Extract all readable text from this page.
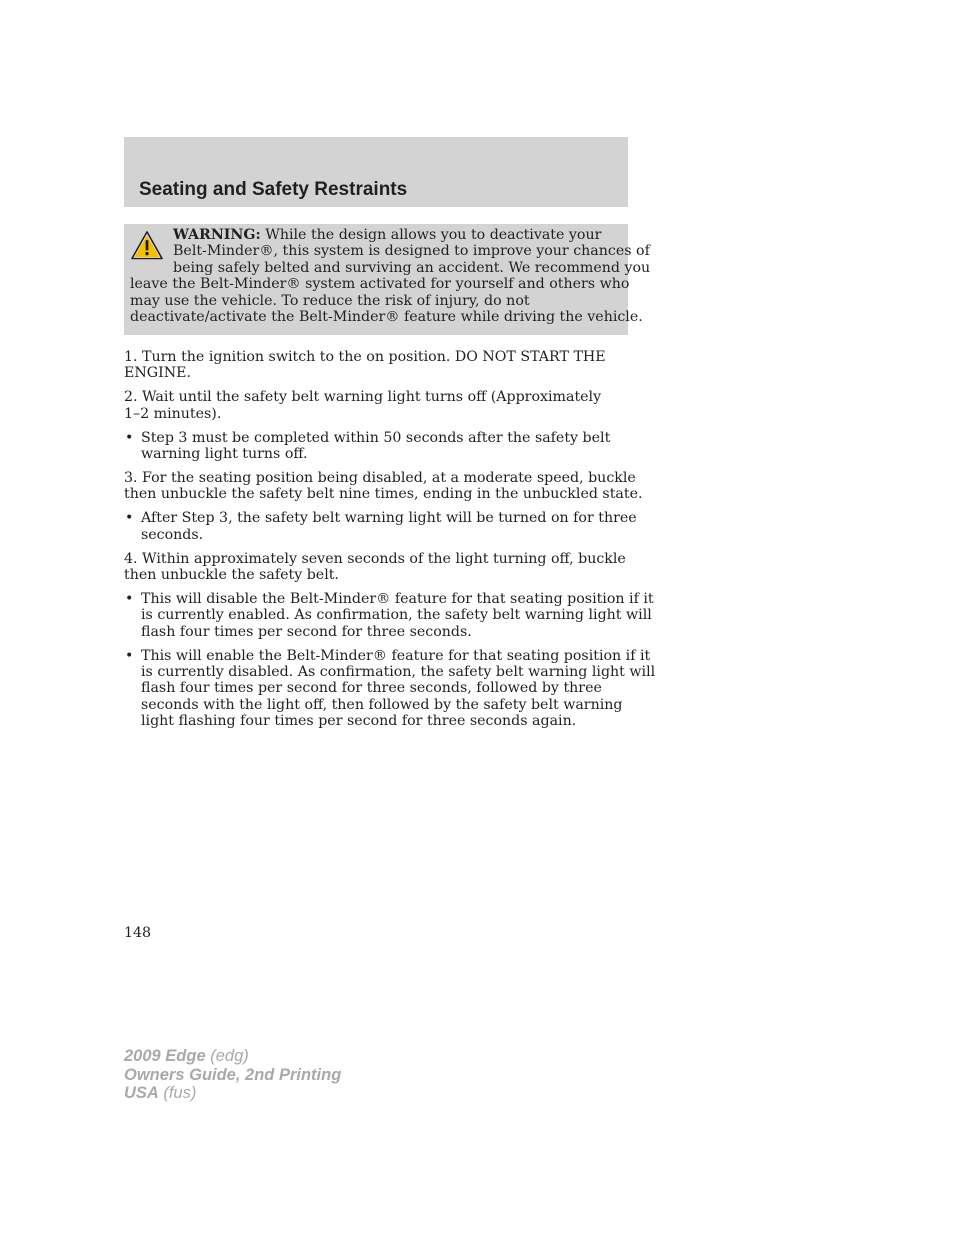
Seating and Safety Restraints
WARNING: While the design allows you to deactivate your
Belt-Minder®, this system is designed to improve your chances of
being safely belted and surviving an accident. We recommend you
leave the Belt-Minder® system activated for yourself and others who
may use the vehicle. To reduce the risk of injury, do not
deactivate/activate the Belt-Minder® feature while driving the vehicle.
1. Turn the ignition switch to the on position. DO NOT START THE
ENGINE.
2. Wait until the safety belt warning light turns off (Approximately
1–2 minutes).
• Step 3 must be completed within 50 seconds after the safety belt
warning light turns off.
3. For the seating position being disabled, at a moderate speed, buckle
then unbuckle the safety belt nine times, ending in the unbuckled state.
• After Step 3, the safety belt warning light will be turned on for three
seconds.
4. Within approximately seven seconds of the light turning off, buckle
then unbuckle the safety belt.
• This will disable the Belt-Minder® feature for that seating position if it
is currently enabled. As confirmation, the safety belt warning light will
flash four times per second for three seconds.
• This will enable the Belt-Minder® feature for that seating position if it
is currently disabled. As confirmation, the safety belt warning light will
flash four times per second for three seconds, followed by three
seconds with the light off, then followed by the safety belt warning
light flashing four times per second for three seconds again.

148

2009 Edge (edg)
Owners Guide, 2nd Printing
USA (fus)
